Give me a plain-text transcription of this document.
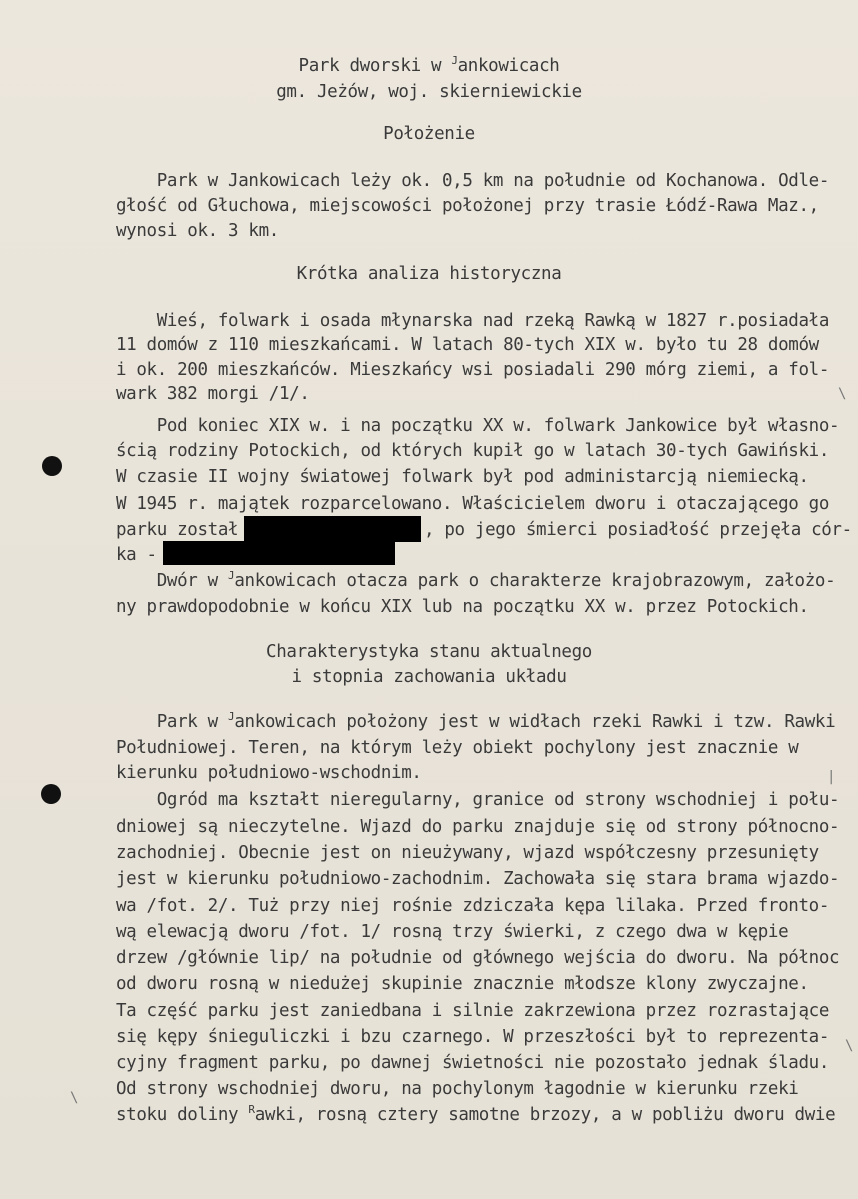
Park dworski w $^J$ankowicach
gm. Jeżów, woj. skierniewickie
Położenie
Park w Jankowicach leży ok. 0,5 km na południe od Kochanowa. Odle-
głość od Głuchowa, miejscowości położonej przy trasie Łódź-Rawa Maz.,
wynosi ok. 3 km.
Krótka analiza historyczna
Wieś, folwark i osada młynarska nad rzeką Rawką w 1827 r.posiadała
11 domów z 110 mieszkańcami. W latach 80-tych XIX w. było tu 28 domów
i ok. 200 mieszkańców. Mieszkańcy wsi posiadali 290 mórg ziemi, a fol-
wark 382 morgi /1/.
Pod koniec XIX w. i na początku XX w. folwark Jankowice był własno-
ścią rodziny Potockich, od których kupił go w latach 30-tych Gawiński.
W czasie II wojny światowej folwark był pod administarcją niemiecką.
W 1945 r. majątek rozparcelowano. Właścicielem dworu i otaczającego go
parku został	, po jego śmierci posiadłość przejęła cór-
ka -
Dwór w $^J$ankowicach otacza park o charakterze krajobrazowym, założo-
ny prawdopodobnie w końcu XIX lub na początku XX w. przez Potockich.
Charakterystyka stanu aktualnego
i stopnia zachowania układu
Park w $^J$ankowicach położony jest w widłach rzeki Rawki i tzw. Rawki
Południowej. Teren, na którym leży obiekt pochylony jest znacznie w
kierunku południowo-wschodnim.
Ogród ma kształt nieregularny, granice od strony wschodniej i połu-
dniowej są nieczytelne. Wjazd do parku znajduje się od strony północno-
zachodniej. Obecnie jest on nieużywany, wjazd współczesny przesunięty
jest w kierunku południowo-zachodnim. Zachowała się stara brama wjazdo-
wa /fot. 2/. Tuż przy niej rośnie zdziczała kępa lilaka. Przed fronto-
wą elewacją dworu /fot. 1/ rosną trzy świerki, z czego dwa w kępie
drzew /głównie lip/ na południe od głównego wejścia do dworu. Na północ
od dworu rosną w niedużej skupinie znacznie młodsze klony zwyczajne.
Ta część parku jest zaniedbana i silnie zakrzewiona przez rozrastające
się kępy śnieguliczki i bzu czarnego. W przeszłości był to reprezenta-
cyjny fragment parku, po dawnej świetności nie pozostało jednak śladu.
Od strony wschodniej dworu, na pochylonym łagodnie w kierunku rzeki
stoku doliny $^R$awki, rosną cztery samotne brzozy, a w pobliżu dworu dwie
\
\
\
|
